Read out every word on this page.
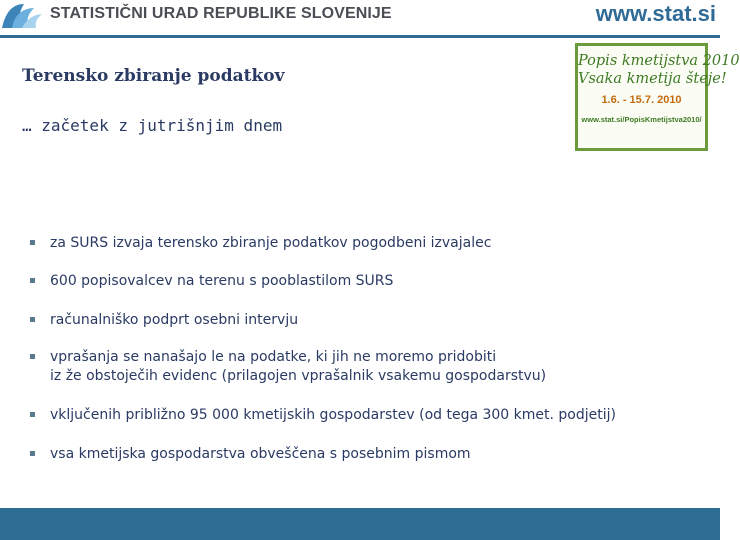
STATISTIČNI URAD REPUBLIKE SLOVENIJE	www.stat.si
Terensko zbiranje podatkov
… začetek z jutrišnjim dnem
Popis kmetijstva 2010
Vsaka kmetija šteje!
1.6. - 15.7. 2010
www.stat.si/PopisKmetijstva2010/
za SURS izvaja terensko zbiranje podatkov pogodbeni izvajalec
600 popisovalcev na terenu s pooblastilom SURS
računalniško podprt osebni intervju
vprašanja se nanašajo le na podatke, ki jih ne moremo pridobiti
iz že obstoječih evidenc (prilagojen vprašalnik vsakemu gospodarstvu)
vključenih približno 95 000 kmetijskih gospodarstev (od tega 300 kmet. podjetij)
vsa kmetijska gospodarstva obveščena s posebnim pismom
